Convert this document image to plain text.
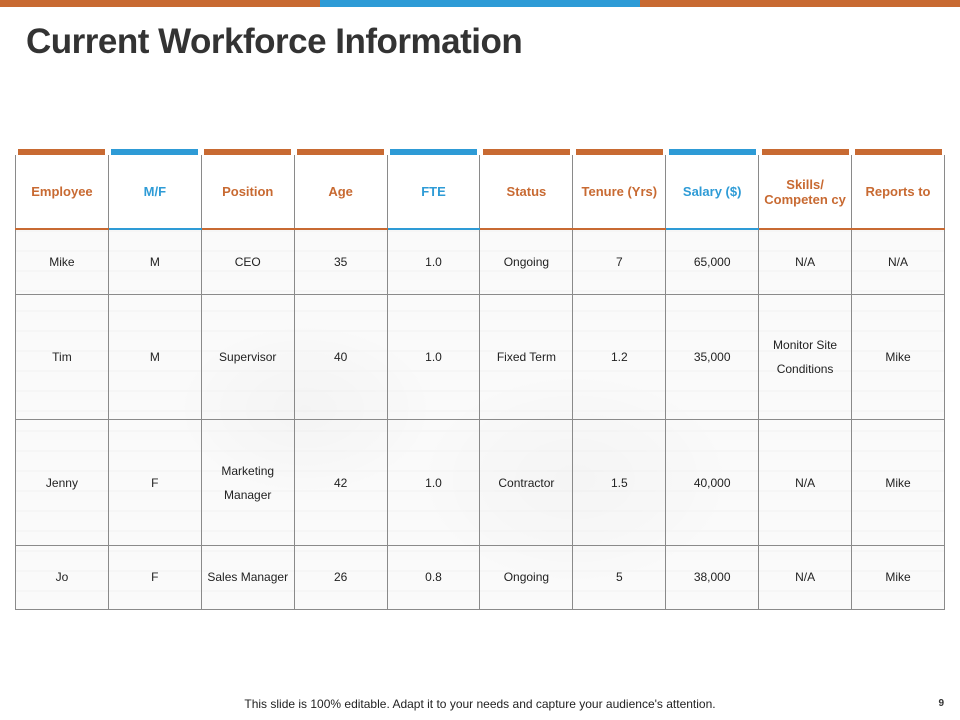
Current Workforce Information
Employee	M/F	Position	Age	FTE	Status	Tenure (Yrs)	Salary ($)	Skills/ Competen cy	Reports to
Mike	M	CEO	35	1.0	Ongoing	7	65,000	N/A	N/A
Tim	M	Supervisor	40	1.0	Fixed Term	1.2	35,000	Monitor Site Conditions	Mike
Jenny	F	Marketing Manager	42	1.0	Contractor	1.5	40,000	N/A	Mike
Jo	F	Sales Manager	26	0.8	Ongoing	5	38,000	N/A	Mike
This slide is 100% editable. Adapt it to your needs and capture your audience's attention.	9
